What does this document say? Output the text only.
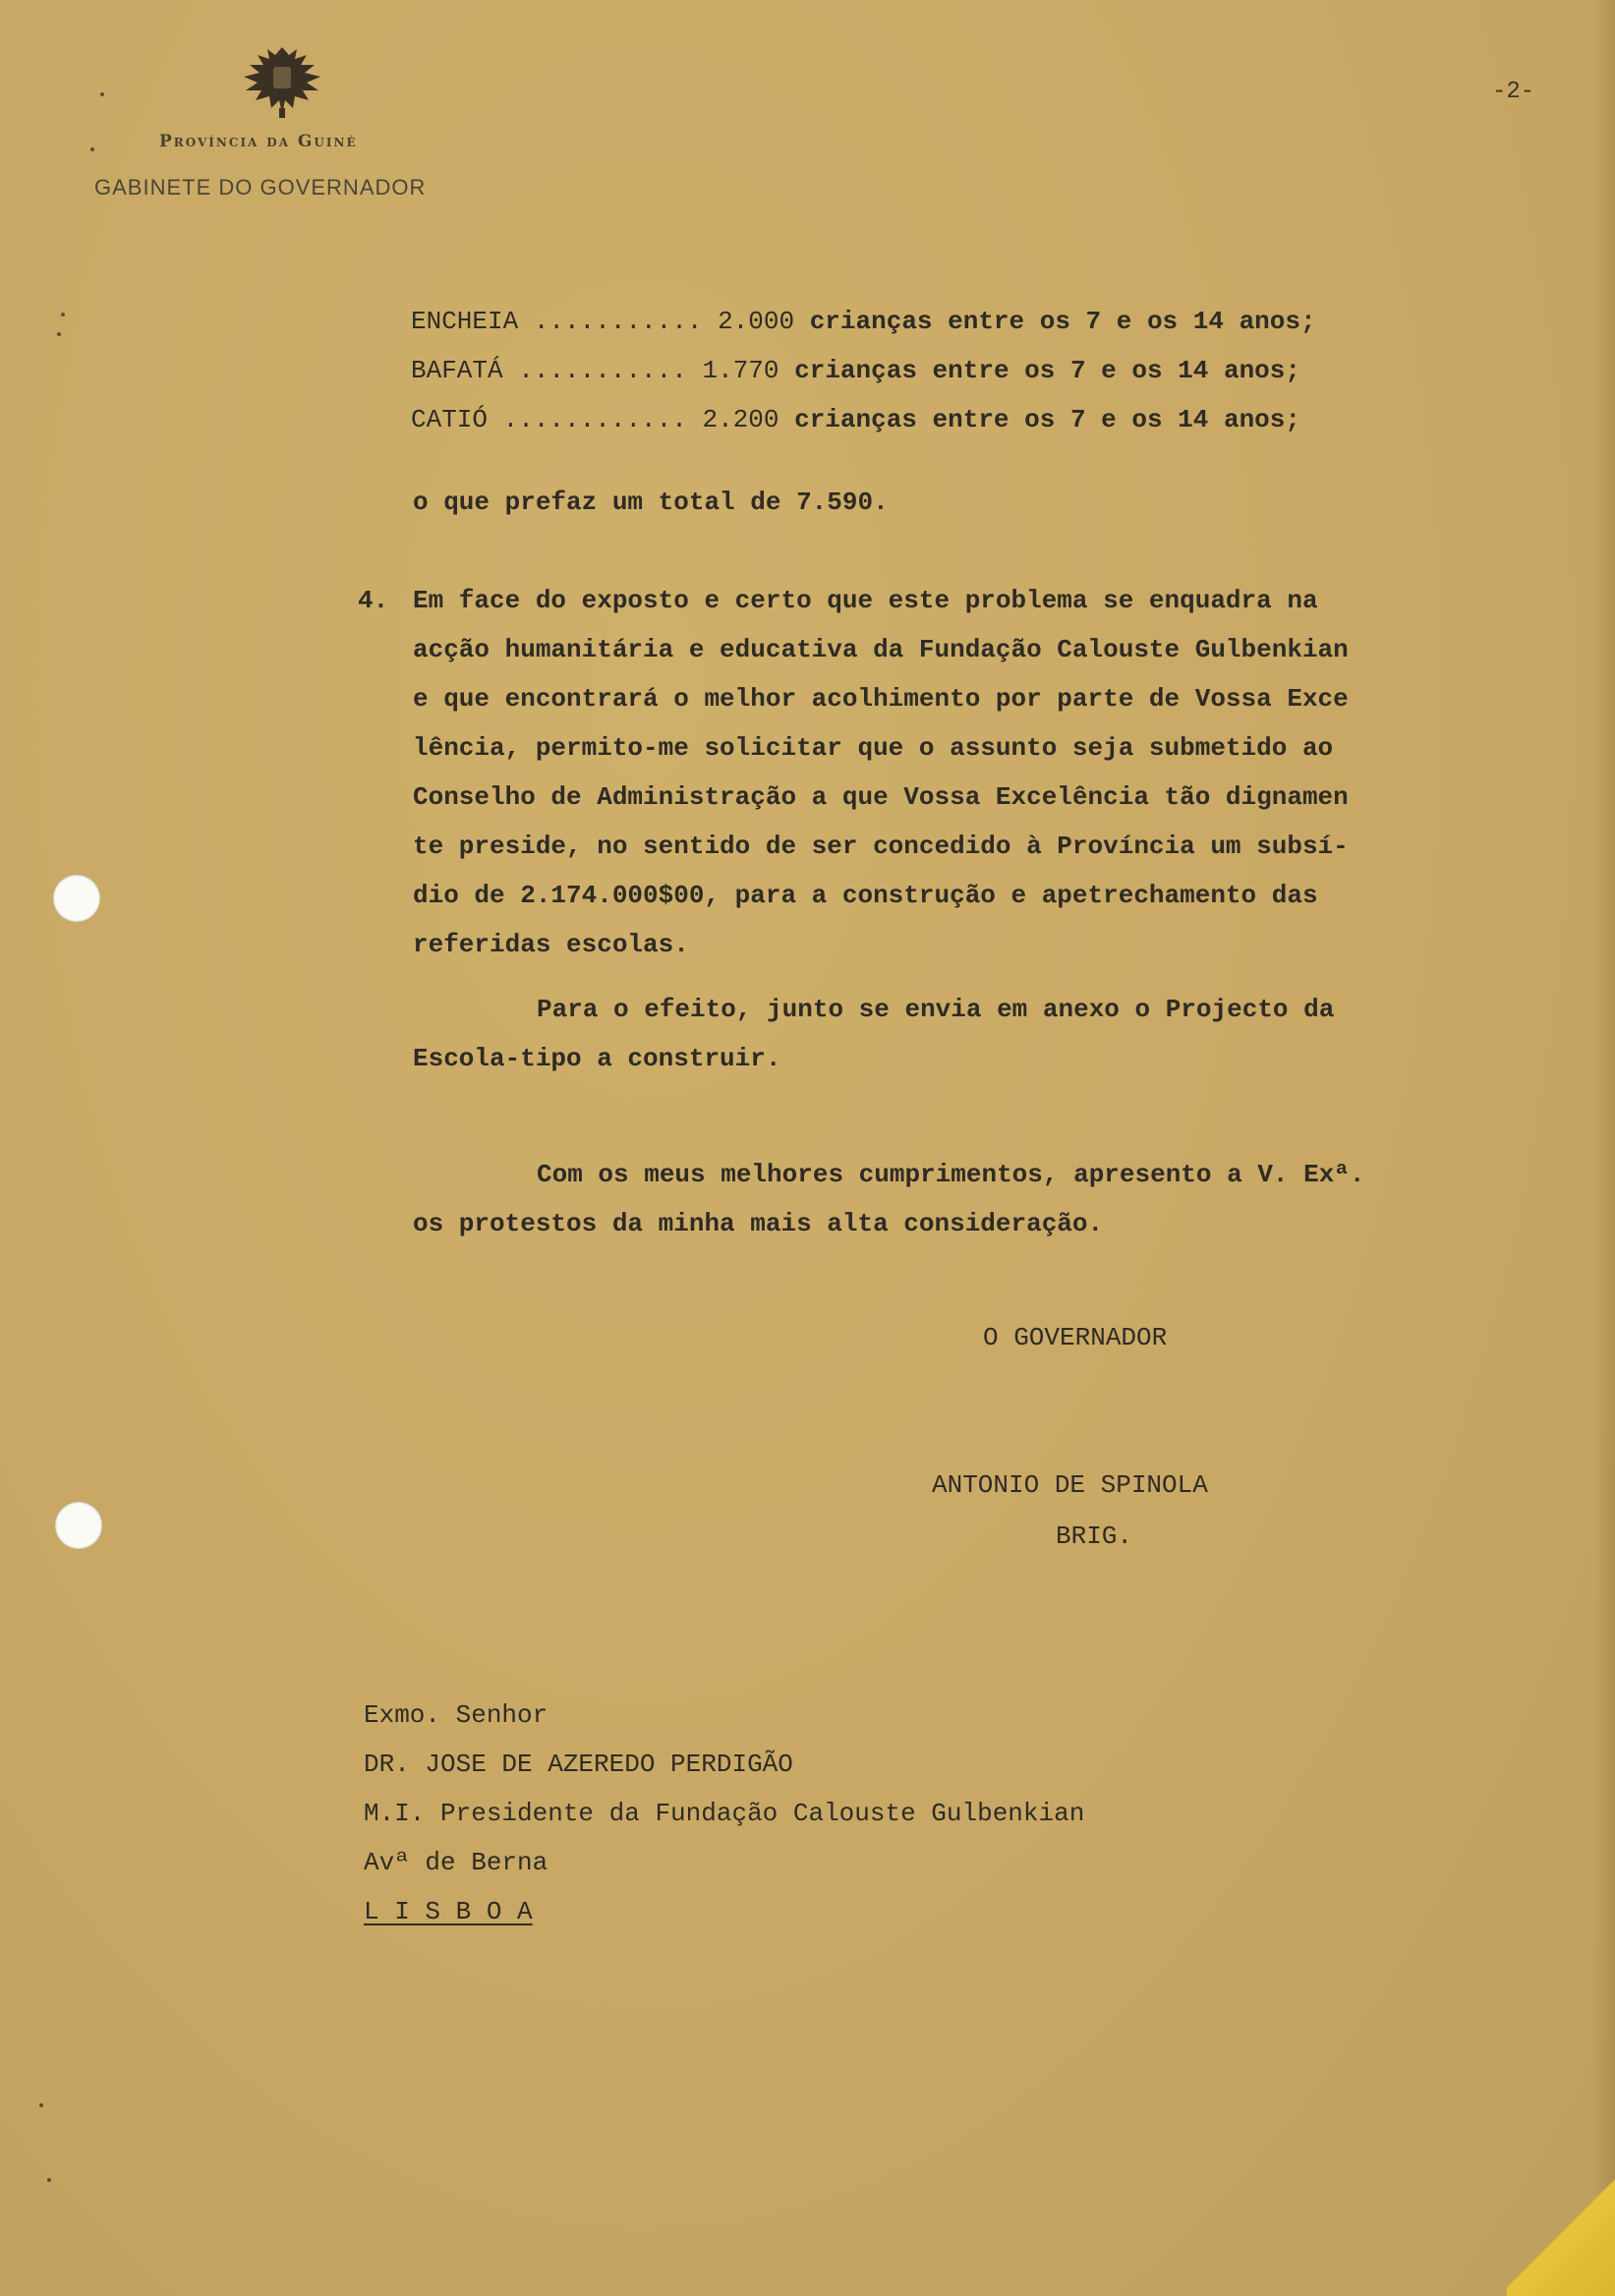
Província da Guiné
GABINETE DO GOVERNADOR
-2-
ENCHEIA ........... 2.000 crianças entre os 7 e os 14 anos;
BAFATÁ ........... 1.770 crianças entre os 7 e os 14 anos;
CATIÓ ............ 2.200 crianças entre os 7 e os 14 anos;
o que prefaz um total de 7.590.
4. Em face do exposto e certo que este problema se enquadra na
acção humanitária e educativa da Fundação Calouste Gulbenkian
e que encontrará o melhor acolhimento por parte de Vossa Exce
lência, permito-me solicitar que o assunto seja submetido ao
Conselho de Administração a que Vossa Excelência tão dignamen
te preside, no sentido de ser concedido à Província um subsí-
dio de 2.174.000$00, para a construção e apetrechamento das
referidas escolas.
Para o efeito, junto se envia em anexo o Projecto da
Escola-tipo a construir.
Com os meus melhores cumprimentos, apresento a V. Exª.
os protestos da minha mais alta consideração.
O GOVERNADOR
ANTONIO DE SPINOLA
BRIG.
Exmo. Senhor
DR. JOSE DE AZEREDO PERDIGÃO
M.I. Presidente da Fundação Calouste Gulbenkian
Avª de Berna
L I S B O A
